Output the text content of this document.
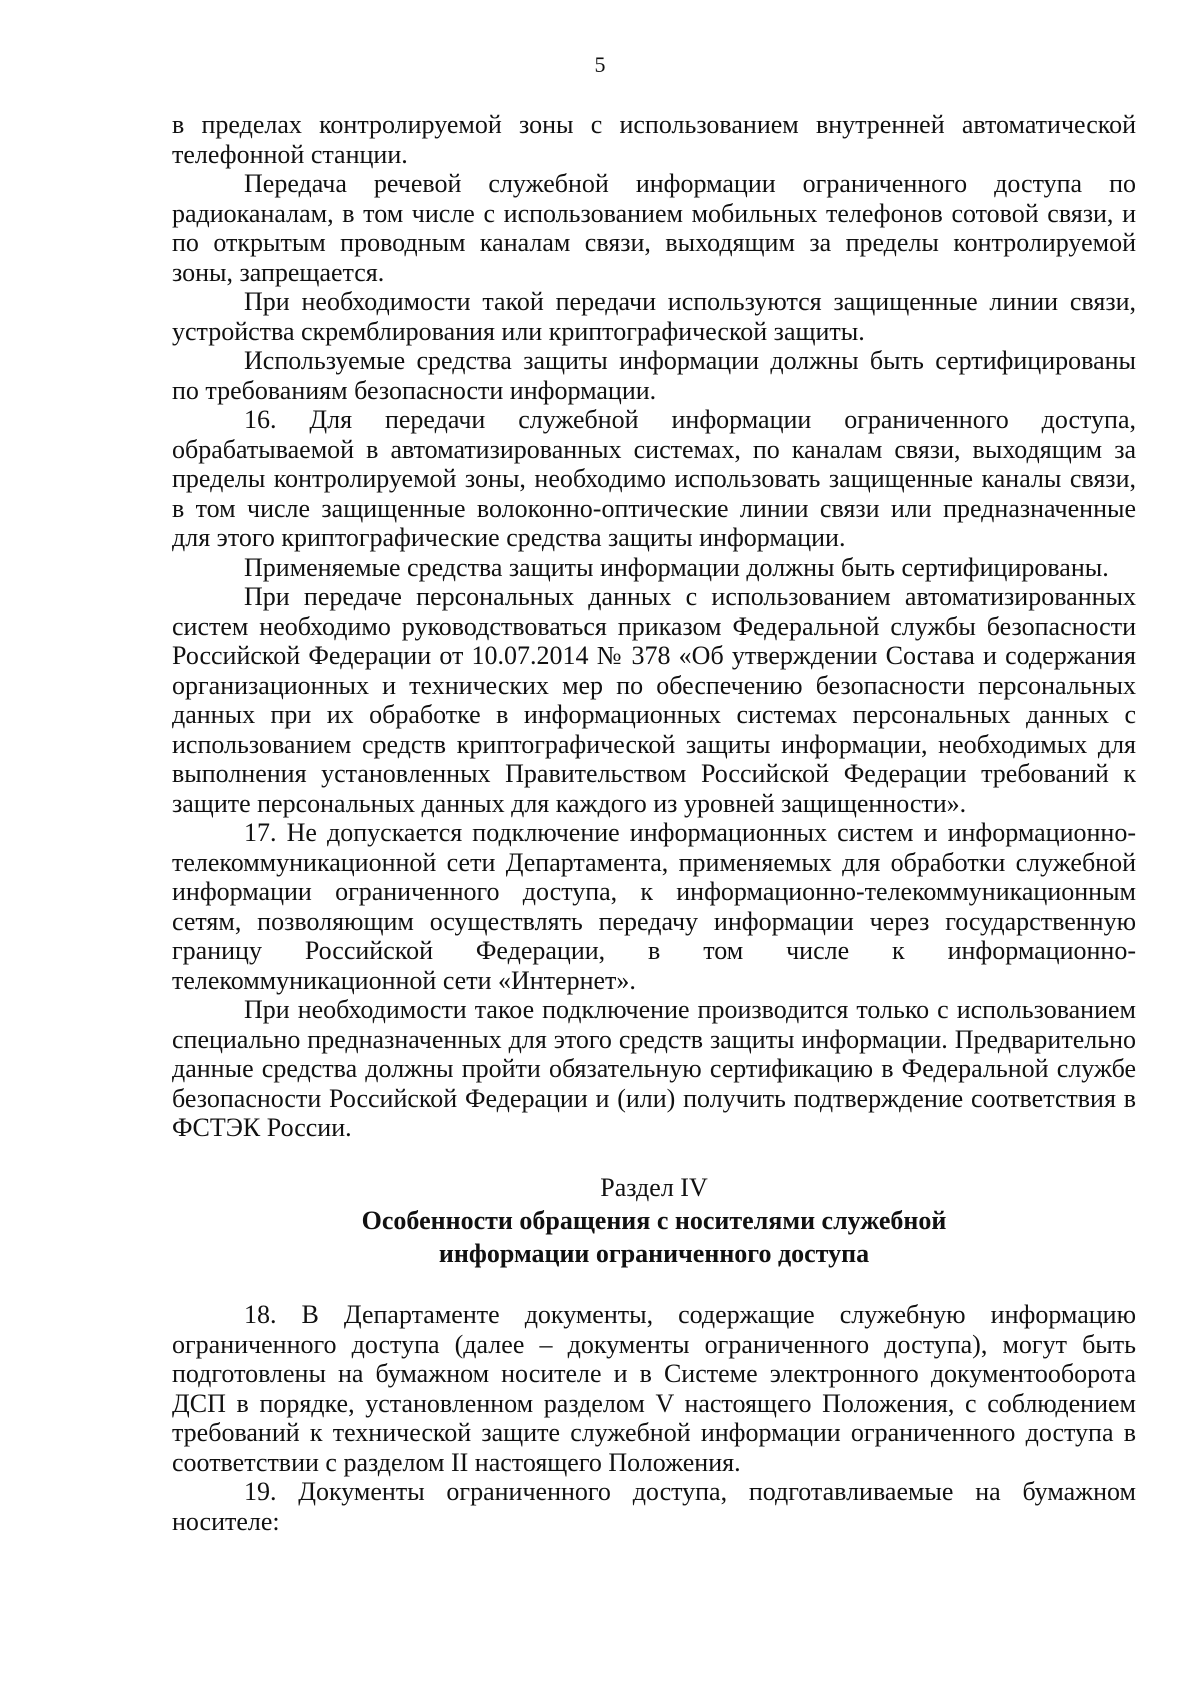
5

в пределах контролируемой зоны с использованием внутренней автоматической телефонной станции.

Передача речевой служебной информации ограниченного доступа по радиоканалам, в том числе с использованием мобильных телефонов сотовой связи, и по открытым проводным каналам связи, выходящим за пределы контролируемой зоны, запрещается.

При необходимости такой передачи используются защищенные линии связи, устройства скремблирования или криптографической защиты.

Используемые средства защиты информации должны быть сертифицированы по требованиям безопасности информации.

16. Для передачи служебной информации ограниченного доступа, обрабатываемой в автоматизированных системах, по каналам связи, выходящим за пределы контролируемой зоны, необходимо использовать защищенные каналы связи, в том числе защищенные волоконно-оптические линии связи или предназначенные для этого криптографические средства защиты информации.

Применяемые средства защиты информации должны быть сертифицированы.

При передаче персональных данных с использованием автоматизированных систем необходимо руководствоваться приказом Федеральной службы безопасности Российской Федерации от 10.07.2014 № 378 «Об утверждении Состава и содержания организационных и технических мер по обеспечению безопасности персональных данных при их обработке в информационных системах персональных данных с использованием средств криптографической защиты информации, необходимых для выполнения установленных Правительством Российской Федерации требований к защите персональных данных для каждого из уровней защищенности».

17. Не допускается подключение информационных систем и информационно-телекоммуникационной сети Департамента, применяемых для обработки служебной информации ограниченного доступа, к информационно-телекоммуникационным сетям, позволяющим осуществлять передачу информации через государственную границу Российской Федерации, в том числе к информационно-телекоммуникационной сети «Интернет».

При необходимости такое подключение производится только с использованием специально предназначенных для этого средств защиты информации. Предварительно данные средства должны пройти обязательную сертификацию в Федеральной службе безопасности Российской Федерации и (или) получить подтверждение соответствия в ФСТЭК России.

Раздел IV
Особенности обращения с носителями служебной
информации ограниченного доступа

18. В Департаменте документы, содержащие служебную информацию ограниченного доступа (далее – документы ограниченного доступа), могут быть подготовлены на бумажном носителе и в Системе электронного документооборота ДСП в порядке, установленном разделом V настоящего Положения, с соблюдением требований к технической защите служебной информации ограниченного доступа в соответствии с разделом II настоящего Положения.

19. Документы ограниченного доступа, подготавливаемые на бумажном носителе:
